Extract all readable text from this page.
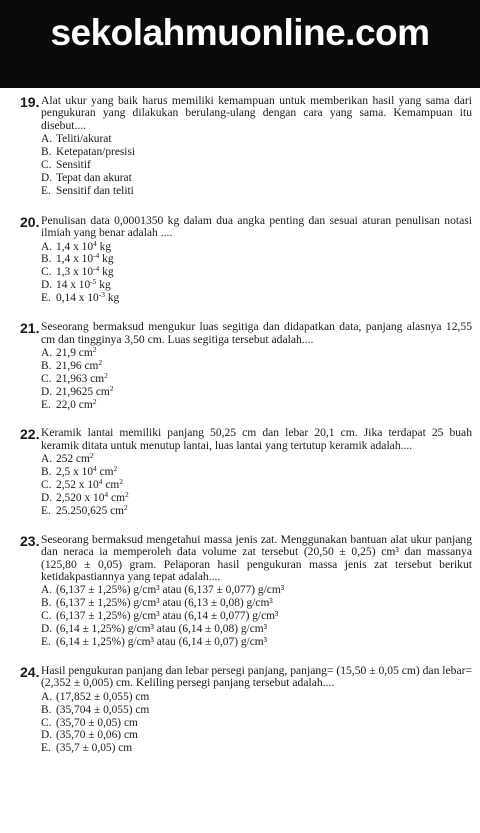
sekolahmuonline.com
19. Alat ukur yang baik harus memiliki kemampuan untuk memberikan hasil yang sama dari pengukuran yang dilakukan berulang-ulang dengan cara yang sama. Kemampuan itu disebut....
A. Teliti/akurat
B. Ketepatan/presisi
C. Sensitif
D. Tepat dan akurat
E. Sensitif dan teliti
20. Penulisan data 0,0001350 kg dalam dua angka penting dan sesuai aturan penulisan notasi ilmiah yang benar adalah ....
A. 1,4 x $10^4$ kg
B. 1,4 x $10^{-4}$ kg
C. 1,3 x $10^{-4}$ kg
D. 14 x $10^{-5}$ kg
E. 0,14 x $10^{-3}$ kg
21. Seseorang bermaksud mengukur luas segitiga dan didapatkan data, panjang alasnya 12,55 cm dan tingginya 3,50 cm. Luas segitiga tersebut adalah....
A. 21,9 $cm^2$
B. 21,96 $cm^2$
C. 21,963 $cm^2$
D. 21,9625 $cm^2$
E. 22,0 $cm^2$
22. Keramik lantai memiliki panjang 50,25 cm dan lebar 20,1 cm. Jika terdapat 25 buah keramik ditata untuk menutup lantai, luas lantai yang tertutup keramik adalah....
A. 252 $cm^2$
B. 2,5 x $10^4$ $cm^2$
C. 2,52 x $10^4$ $cm^2$
D. 2,520 x $10^4$ $cm^2$
E. 25.250,625 $cm^2$
23. Seseorang bermaksud mengetahui massa jenis zat. Menggunakan bantuan alat ukur panjang dan neraca ia memperoleh data volume zat tersebut (20,50 ± 0,25) cm³ dan massanya (125,80 ± 0,05) gram. Pelaporan hasil pengukuran massa jenis zat tersebut berikut ketidakpastiannya yang tepat adalah....
A. (6,137 ± 1,25%) g/cm³ atau (6,137 ± 0,077) g/cm³
B. (6,137 ± 1,25%) g/cm³ atau (6,13 ± 0,08) g/cm³
C. (6,137 ± 1,25%) g/cm³ atau (6,14 ± 0,077) g/cm³
D. (6,14 ± 1,25%) g/cm³ atau (6,14 ± 0,08) g/cm³
E. (6,14 ± 1,25%) g/cm³ atau (6,14 ± 0,07) g/cm³
24. Hasil pengukuran panjang dan lebar persegi panjang, panjang= (15,50 ± 0,05 cm) dan lebar= (2,352 ± 0,005) cm. Keliling persegi panjang tersebut adalah....
A. (17,852 ± 0,055) cm
B. (35,704 ± 0,055) cm
C. (35,70 ± 0,05) cm
D. (35,70 ± 0,06) cm
E. (35,7 ± 0,05) cm
